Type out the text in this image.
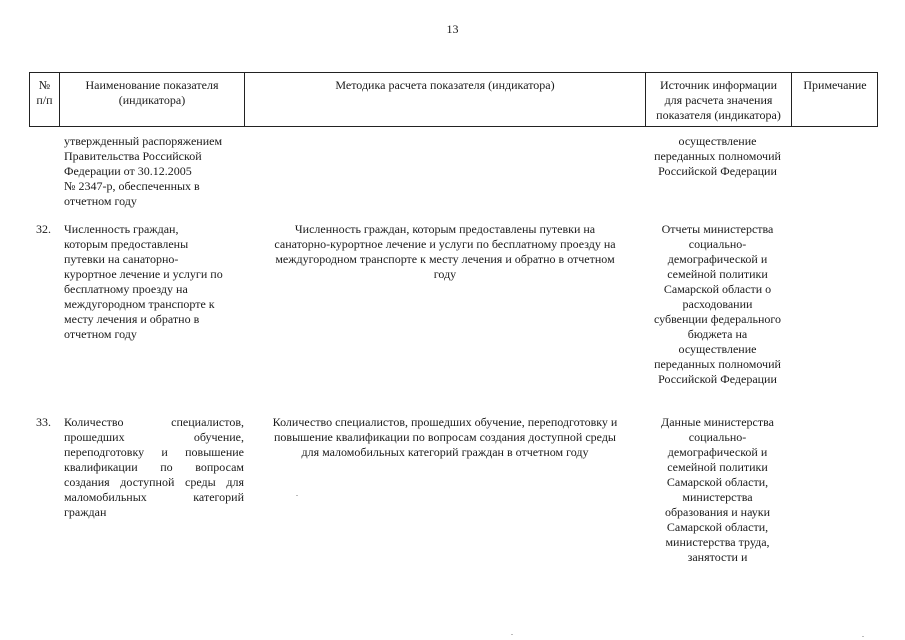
13
№
п/п
Наименование показателя
(индикатора)
Методика расчета показателя (индикатора)	Источник информации
для расчета значения
показателя (индикатора)
Примечание
утвержденный распоряжением
Правительства Российской
Федерации от 30.12.2005
№ 2347-р, обеспеченных в
отчетном году
осуществление
переданных полномочий
Российской Федерации
32. Численность граждан,
которым предоставлены
путевки на санаторно-
курортное лечение и услуги по
бесплатному проезду на
междугородном транспорте к
месту лечения и обратно в
отчетном году
Численность граждан, которым предоставлены путевки на
санаторно-курортное лечение и услуги по бесплатному проезду на
междугородном транспорте к месту лечения и обратно в отчетном
году
Отчеты министерства
социально-
демографической и
семейной политики
Самарской области о
расходовании
субвенции федерального
бюджета на
осуществление
переданных полномочий
Российской Федерации
33. Количество специалистов, прошедших обучение, переподготовку и повышение квалификации по вопросам создания доступной среды для маломобильных категорий граждан
Количество специалистов, прошедших обучение, переподготовку и
повышение квалификации по вопросам создания доступной среды
для маломобильных категорий граждан в отчетном году
Данные министерства
социально-
демографической и
семейной политики
Самарской области,
министерства
образования и науки
Самарской области,
министерства труда,
занятости и
